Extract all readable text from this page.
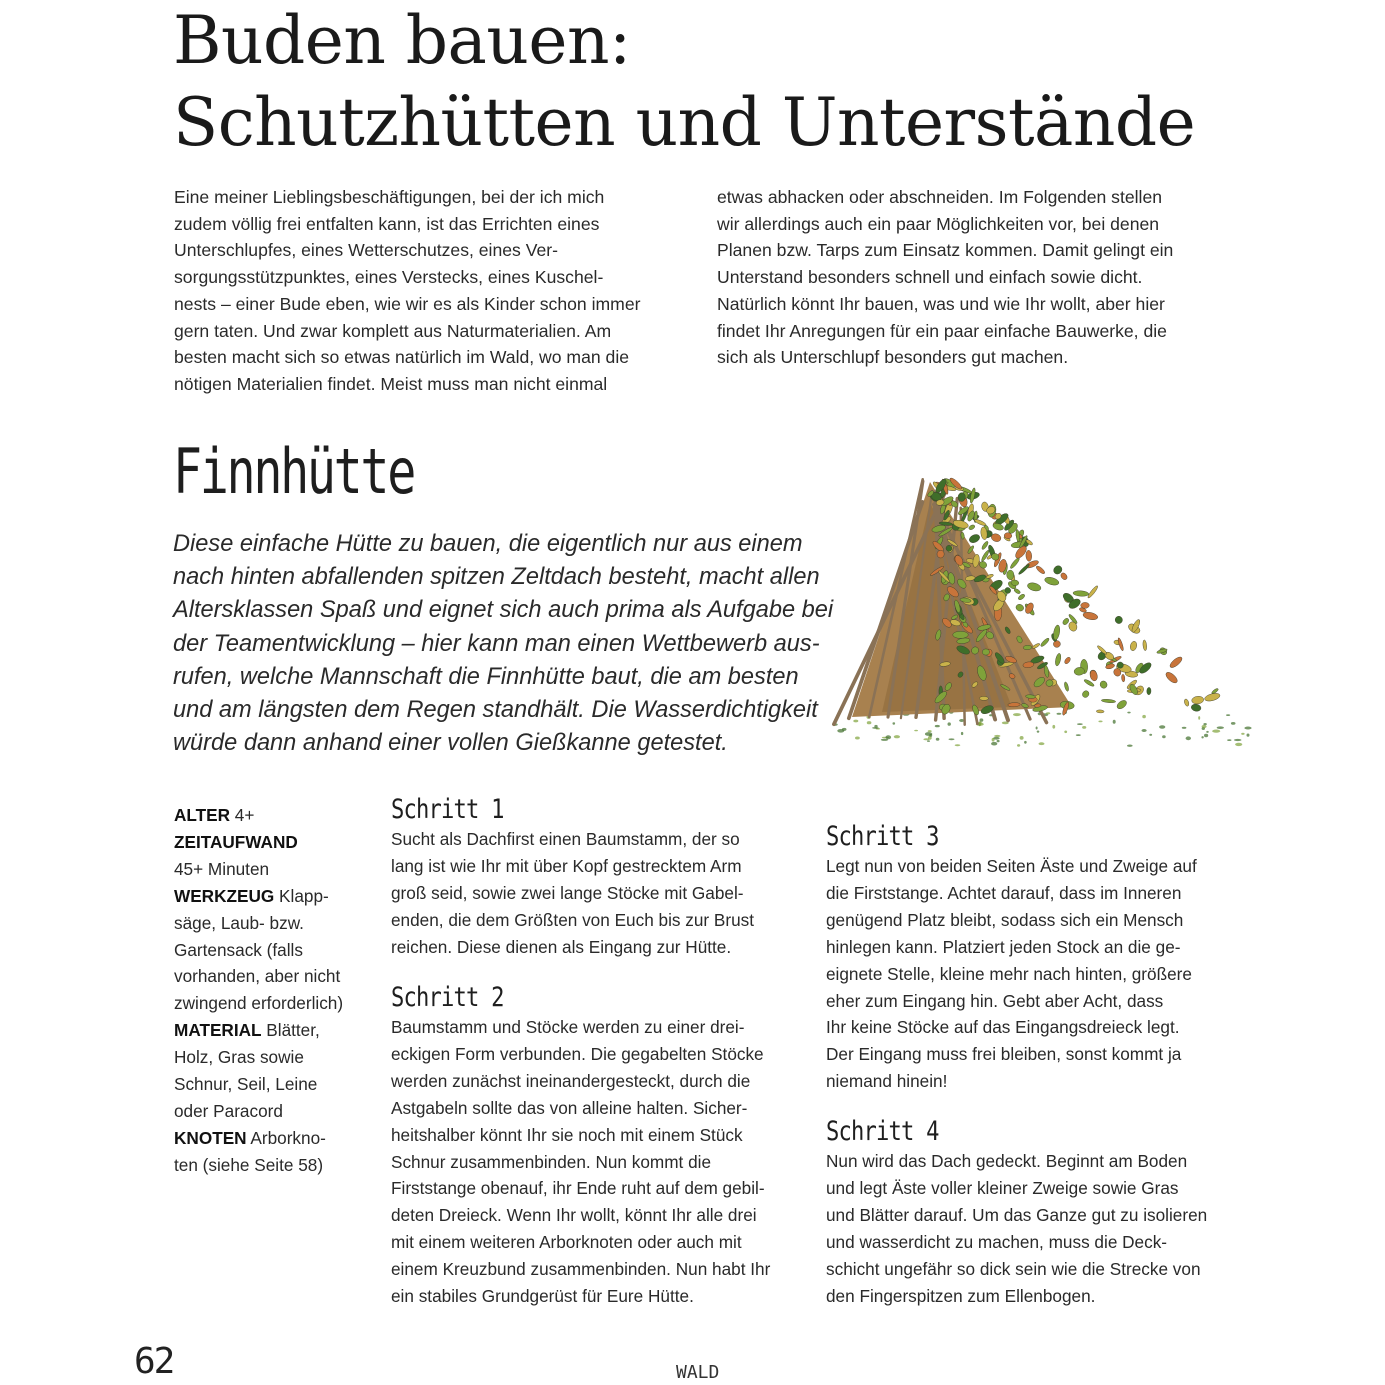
Buden bauen:
Schutzhütten und Unterstände
Eine meiner Lieblingsbeschäftigungen, bei der ich mich
zudem völlig frei entfalten kann, ist das Errichten eines
Unterschlupfes, eines Wetterschutzes, eines Ver-
sorgungsstützpunktes, eines Verstecks, eines Kuschel-
nests – einer Bude eben, wie wir es als Kinder schon immer
gern taten. Und zwar komplett aus Naturmaterialien. Am
besten macht sich so etwas natürlich im Wald, wo man die
nötigen Materialien findet. Meist muss man nicht einmal
etwas abhacken oder abschneiden. Im Folgenden stellen
wir allerdings auch ein paar Möglichkeiten vor, bei denen
Planen bzw. Tarps zum Einsatz kommen. Damit gelingt ein
Unterstand besonders schnell und einfach sowie dicht.
Natürlich könnt Ihr bauen, was und wie Ihr wollt, aber hier
findet Ihr Anregungen für ein paar einfache Bauwerke, die
sich als Unterschlupf besonders gut machen.
Finnhütte
Diese einfache Hütte zu bauen, die eigentlich nur aus einem
nach hinten abfallenden spitzen Zeltdach besteht, macht allen
Altersklassen Spaß und eignet sich auch prima als Aufgabe bei
der Teamentwicklung – hier kann man einen Wettbewerb aus-
rufen, welche Mannschaft die Finnhütte baut, die am besten
und am längsten dem Regen standhält. Die Wasserdichtigkeit
würde dann anhand einer vollen Gießkanne getestet.
ALTER 4+
ZEITAUFWAND
45+ Minuten
WERKZEUG Klapp-
säge, Laub- bzw.
Gartensack (falls
vorhanden, aber nicht
zwingend erforderlich)
MATERIAL Blätter,
Holz, Gras sowie
Schnur, Seil, Leine
oder Paracord
KNOTEN Arborkno-
ten (siehe Seite 58)
Schritt 1
Sucht als Dachfirst einen Baumstamm, der so
lang ist wie Ihr mit über Kopf gestrecktem Arm
groß seid, sowie zwei lange Stöcke mit Gabel-
enden, die dem Größten von Euch bis zur Brust
reichen. Diese dienen als Eingang zur Hütte.
Schritt 2
Baumstamm und Stöcke werden zu einer drei-
eckigen Form verbunden. Die gegabelten Stöcke
werden zunächst ineinandergesteckt, durch die
Astgabeln sollte das von alleine halten. Sicher-
heitshalber könnt Ihr sie noch mit einem Stück
Schnur zusammenbinden. Nun kommt die
Firststange obenauf, ihr Ende ruht auf dem gebil-
deten Dreieck. Wenn Ihr wollt, könnt Ihr alle drei
mit einem weiteren Arborknoten oder auch mit
einem Kreuzbund zusammenbinden. Nun habt Ihr
ein stabiles Grundgerüst für Eure Hütte.
Schritt 3
Legt nun von beiden Seiten Äste und Zweige auf
die Firststange. Achtet darauf, dass im Inneren
genügend Platz bleibt, sodass sich ein Mensch
hinlegen kann. Platziert jeden Stock an die ge-
eignete Stelle, kleine mehr nach hinten, größere
eher zum Eingang hin. Gebt aber Acht, dass
Ihr keine Stöcke auf das Eingangsdreieck legt.
Der Eingang muss frei bleiben, sonst kommt ja
niemand hinein!
Schritt 4
Nun wird das Dach gedeckt. Beginnt am Boden
und legt Äste voller kleiner Zweige sowie Gras
und Blätter darauf. Um das Ganze gut zu isolieren
und wasserdicht zu machen, muss die Deck-
schicht ungefähr so dick sein wie die Strecke von
den Fingerspitzen zum Ellenbogen.
62	WALD
